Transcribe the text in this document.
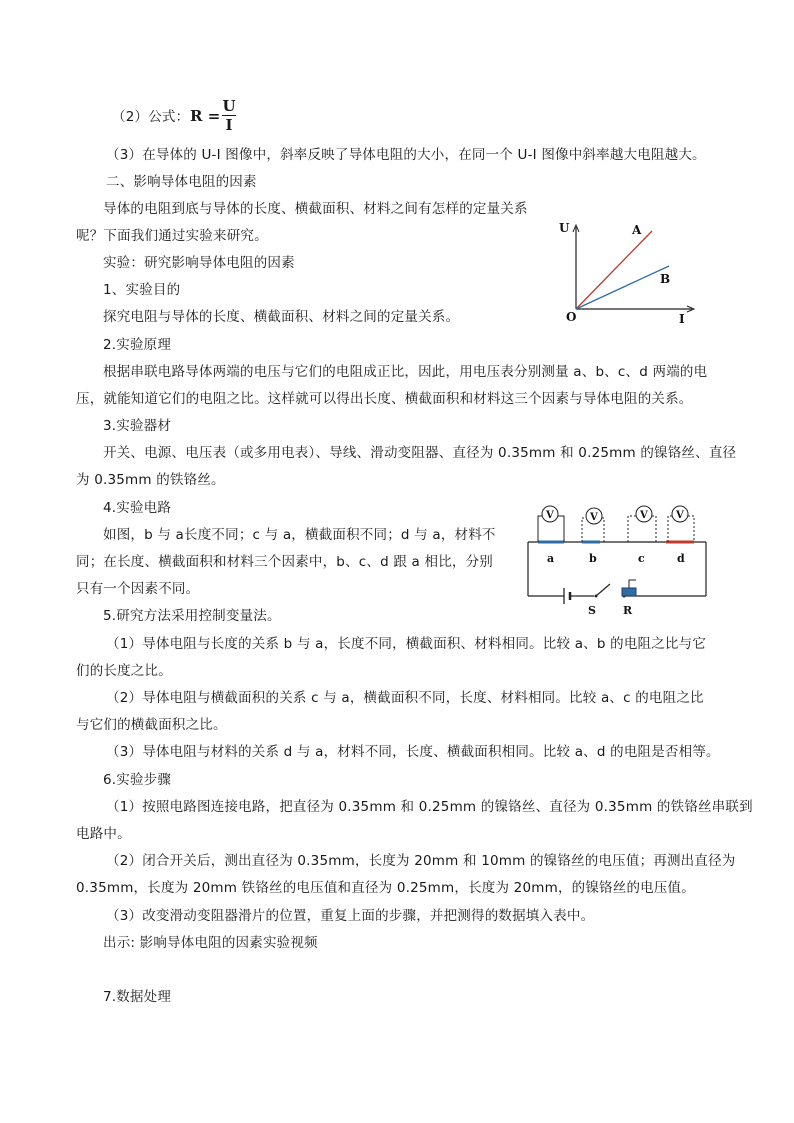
（2）公式： R =
U
I
（3）在导体的 U-I 图像中，斜率反映了导体电阻的大小，在同一个 U-I 图像中斜率越大电阻越大。
二、影响导体电阻的因素
导体的电阻到底与导体的长度、横截面积、材料之间有怎样的定量关系
呢？下面我们通过实验来研究。
实验：研究影响导体电阻的因素
1、实验目的
探究电阻与导体的长度、横截面积、材料之间的定量关系。
2.实验原理
根据串联电路导体两端的电压与它们的电阻成正比，因此，用电压表分别测量 a、b、c、d 两端的电
压，就能知道它们的电阻之比。这样就可以得出长度、横截面积和材料这三个因素与导体电阻的关系。
3.实验器材
开关、电源、电压表（或多用电表）、导线、滑动变阻器、直径为 0.35mm 和 0.25mm 的镍铬丝、直径
为 0.35mm 的铁铬丝。
4.实验电路
如图，b 与 a长度不同；c 与 a，横截面积不同；d 与 a，材料不
同；在长度、横截面积和材料三个因素中，b、c、d 跟 a 相比，分别
只有一个因素不同。
5.研究方法采用控制变量法。
（1）导体电阻与长度的关系 b 与 a，长度不同，横截面积、材料相同。比较 a、b 的电阻之比与它
们的长度之比。
（2）导体电阻与横截面积的关系 c 与 a，横截面积不同，长度、材料相同。比较 a、c 的电阻之比
与它们的横截面积之比。
（3）导体电阻与材料的关系 d 与 a，材料不同，长度、横截面积相同。比较 a、d 的电阻是否相等。
6.实验步骤
（1）按照电路图连接电路，把直径为 0.35mm 和 0.25mm 的镍铬丝、直径为 0.35mm 的铁铬丝串联到
电路中。
（2）闭合开关后，测出直径为 0.35mm，长度为 20mm 和 10mm 的镍铬丝的电压值；再测出直径为
0.35mm，长度为 20mm 铁铬丝的电压值和直径为 0.25mm，长度为 20mm，的镍铬丝的电压值。
（3）改变滑动变阻器滑片的位置，重复上面的步骤，并把测得的数据填入表中。
出示: 影响导体电阻的因素实验视频
7.数据处理
U	A
B
O	I
V	V	V	V
a	b	c	d
S R
